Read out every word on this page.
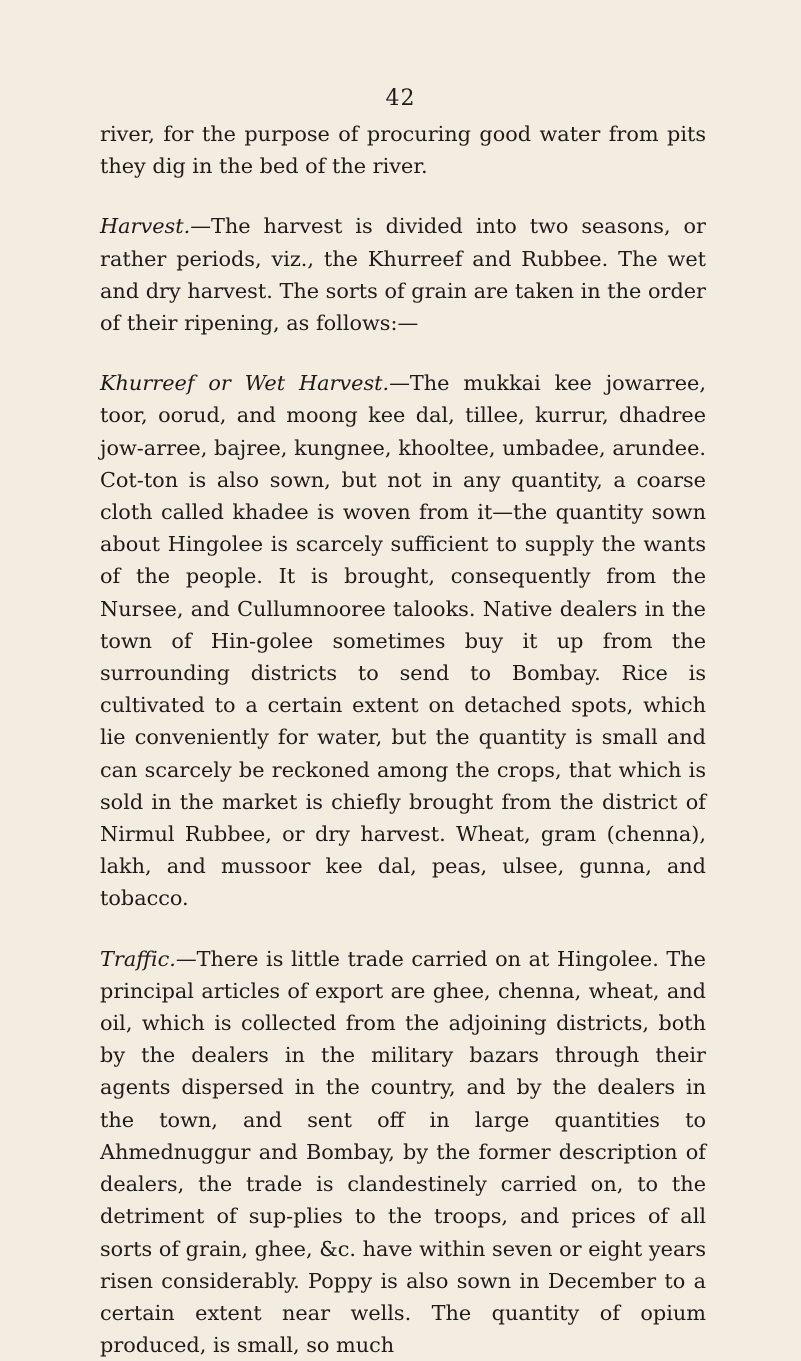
42

river, for the purpose of procuring good water from pits they dig in the bed of the river.

Harvest.—The harvest is divided into two seasons, or rather periods, viz., the Khurreef and Rubbee. The wet and dry harvest. The sorts of grain are taken in the order of their ripening, as follows:—

Khurreef or Wet Harvest.—The mukkai kee jowarree, toor, oorud, and moong kee dal, tillee, kurrur, dhadree jow-arree, bajree, kungnee, khooltee, umbadee, arundee. Cot-ton is also sown, but not in any quantity, a coarse cloth called khadee is woven from it—the quantity sown about Hingolee is scarcely sufficient to supply the wants of the people. It is brought, consequently from the Nursee, and Cullumnooree talooks. Native dealers in the town of Hin-golee sometimes buy it up from the surrounding districts to send to Bombay. Rice is cultivated to a certain extent on detached spots, which lie conveniently for water, but the quantity is small and can scarcely be reckoned among the crops, that which is sold in the market is chiefly brought from the district of Nirmul Rubbee, or dry harvest. Wheat, gram (chenna), lakh, and mussoor kee dal, peas, ulsee, gunna, and tobacco.

Traffic.—There is little trade carried on at Hingolee. The principal articles of export are ghee, chenna, wheat, and oil, which is collected from the adjoining districts, both by the dealers in the military bazars through their agents dispersed in the country, and by the dealers in the town, and sent off in large quantities to Ahmednuggur and Bombay, by the former description of dealers, the trade is clandestinely carried on, to the detriment of sup-plies to the troops, and prices of all sorts of grain, ghee, &c. have within seven or eight years risen considerably. Poppy is also sown in December to a certain extent near wells. The quantity of opium produced, is small, so much
